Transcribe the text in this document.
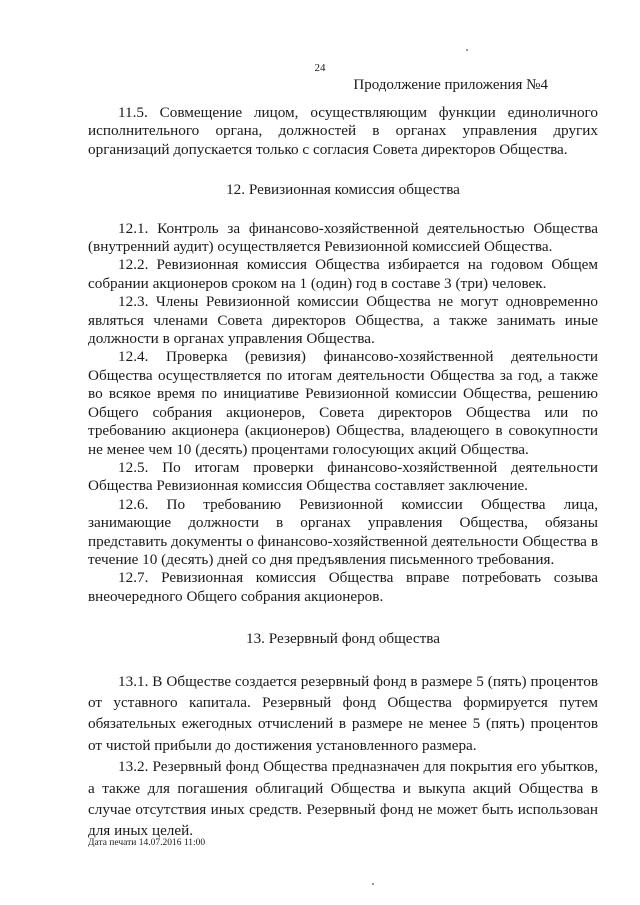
24
Продолжение приложения №4

11.5. Совмещение лицом, осуществляющим функции единоличного исполнительного органа, должностей в органах управления других организаций допускается только с согласия Совета директоров Общества.

12. Ревизионная комиссия общества

12.1. Контроль за финансово-хозяйственной деятельностью Общества (внутренний аудит) осуществляется Ревизионной комиссией Общества.

12.2. Ревизионная комиссия Общества избирается на годовом Общем собрании акционеров сроком на 1 (один) год в составе 3 (три) человек.

12.3. Члены Ревизионной комиссии Общества не могут одновременно являться членами Совета директоров Общества, а также занимать иные должности в органах управления Общества.

12.4. Проверка (ревизия) финансово-хозяйственной деятельности Общества осуществляется по итогам деятельности Общества за год, а также во всякое время по инициативе Ревизионной комиссии Общества, решению Общего собрания акционеров, Совета директоров Общества или по требованию акционера (акционеров) Общества, владеющего в совокупности не менее чем 10 (десять) процентами голосующих акций Общества.

12.5. По итогам проверки финансово-хозяйственной деятельности Общества Ревизионная комиссия Общества составляет заключение.

12.6. По требованию Ревизионной комиссии Общества лица, занимающие должности в органах управления Общества, обязаны представить документы о финансово-хозяйственной деятельности Общества в течение 10 (десять) дней со дня предъявления письменного требования.

12.7. Ревизионная комиссия Общества вправе потребовать созыва внеочередного Общего собрания акционеров.

13. Резервный фонд общества

13.1. В Обществе создается резервный фонд в размере 5 (пять) процентов от уставного капитала. Резервный фонд Общества формируется путем обязательных ежегодных отчислений в размере не менее 5 (пять) процентов от чистой прибыли до достижения установленного размера.

13.2. Резервный фонд Общества предназначен для покрытия его убытков, а также для погашения облигаций Общества и выкупа акций Общества в случае отсутствия иных средств. Резервный фонд не может быть использован для иных целей.

Дата печати 14.07.2016 11:00
